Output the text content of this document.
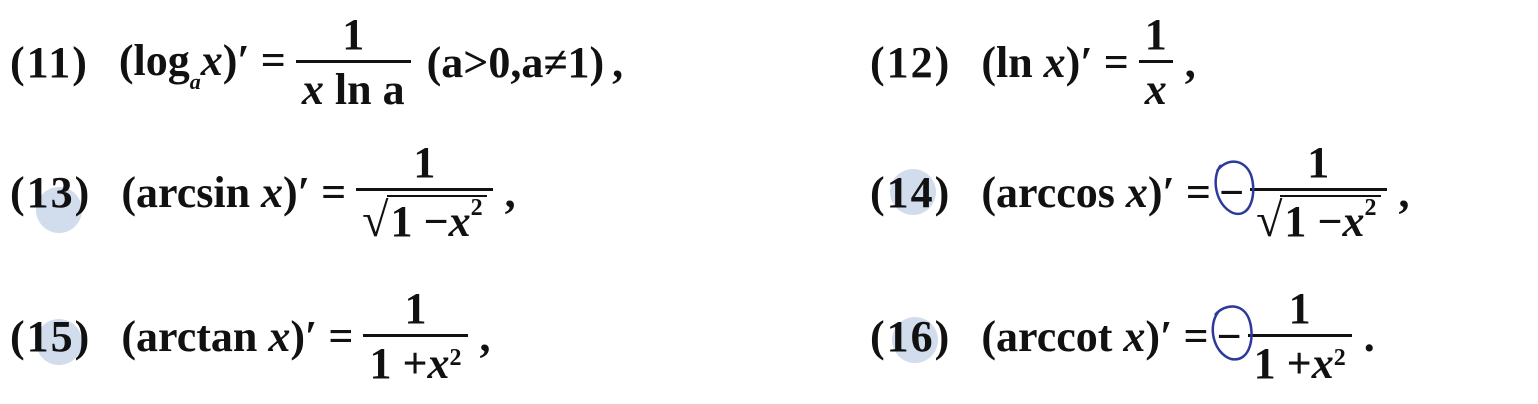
(11) $(\log_ax)' = 1$
x
ln a (a>0,a≠1) ,	(12) (ln $x)' = \frac{1}{x}$ ,
(13) (arcsin $x)' = \frac{1}{√ 1 -x^2}$ ,	(14) (arccos x)′ = − $\frac{1}{√ 1 -x^2}$ ,
(15) (arctan $x)' = \frac{1}{1 + x^2}$ ,	(16) (arccot x)′ = − $\frac{1}{1 + x^2}$ .
